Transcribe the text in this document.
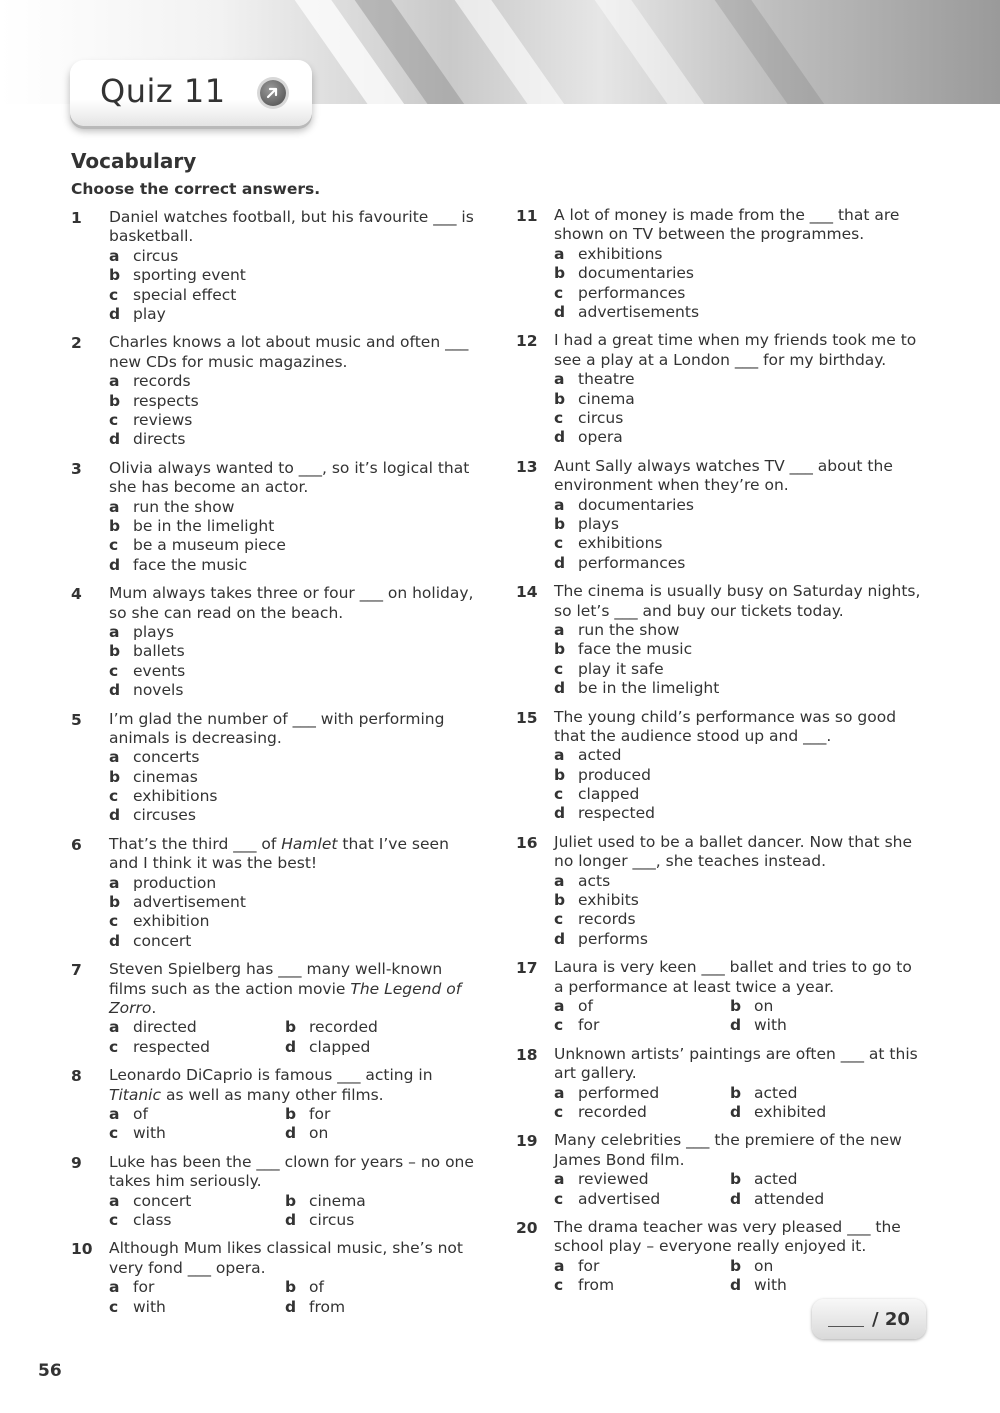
Quiz 11
Vocabulary
Choose the correct answers.
1 Daniel watches football, but his favourite ___ is basketball.
a circus
b sporting event
c special effect
d play
2 Charles knows a lot about music and often ___ new CDs for music magazines.
a records
b respects
c reviews
d directs
3 Olivia always wanted to ___, so it’s logical that she has become an actor.
a run the show
b be in the limelight
c be a museum piece
d face the music
4 Mum always takes three or four ___ on holiday, so she can read on the beach.
a plays
b ballets
c events
d novels
5 I’m glad the number of ___ with performing animals is decreasing.
a concerts
b cinemas
c exhibitions
d circuses
6 That’s the third ___ of Hamlet that I’ve seen and I think it was the best!
a production
b advertisement
c exhibition
d concert
7 Steven Spielberg has ___ many well-known films such as the action movie The Legend of Zorro.
a directed	b recorded
c respected	d clapped
8 Leonardo DiCaprio is famous ___ acting in Titanic as well as many other films.
a of	b for
c with	d on
9 Luke has been the ___ clown for years – no one takes him seriously.
a concert	b cinema
c class	d circus
10 Although Mum likes classical music, she’s not very fond ___ opera.
a for	b of
c with	d from
11 A lot of money is made from the ___ that are shown on TV between the programmes.
a exhibitions
b documentaries
c performances
d advertisements
12 I had a great time when my friends took me to see a play at a London ___ for my birthday.
a theatre
b cinema
c circus
d opera
13 Aunt Sally always watches TV ___ about the environment when they’re on.
a documentaries
b plays
c exhibitions
d performances
14 The cinema is usually busy on Saturday nights, so let’s ___ and buy our tickets today.
a run the show
b face the music
c play it safe
d be in the limelight
15 The young child’s performance was so good that the audience stood up and ___.
a acted
b produced
c clapped
d respected
16 Juliet used to be a ballet dancer. Now that she no longer ___, she teaches instead.
a acts
b exhibits
c records
d performs
17 Laura is very keen ___ ballet and tries to go to a performance at least twice a year.
a of	b on
c for	d with
18 Unknown artists’ paintings are often ___ at this art gallery.
a performed	b acted
c recorded	d exhibited
19 Many celebrities ___ the premiere of the new James Bond film.
a reviewed	b acted
c advertised	d attended
20 The drama teacher was very pleased ___ the school play – everyone really enjoyed it.
a for	b on
c from	d with
/ 20
56
